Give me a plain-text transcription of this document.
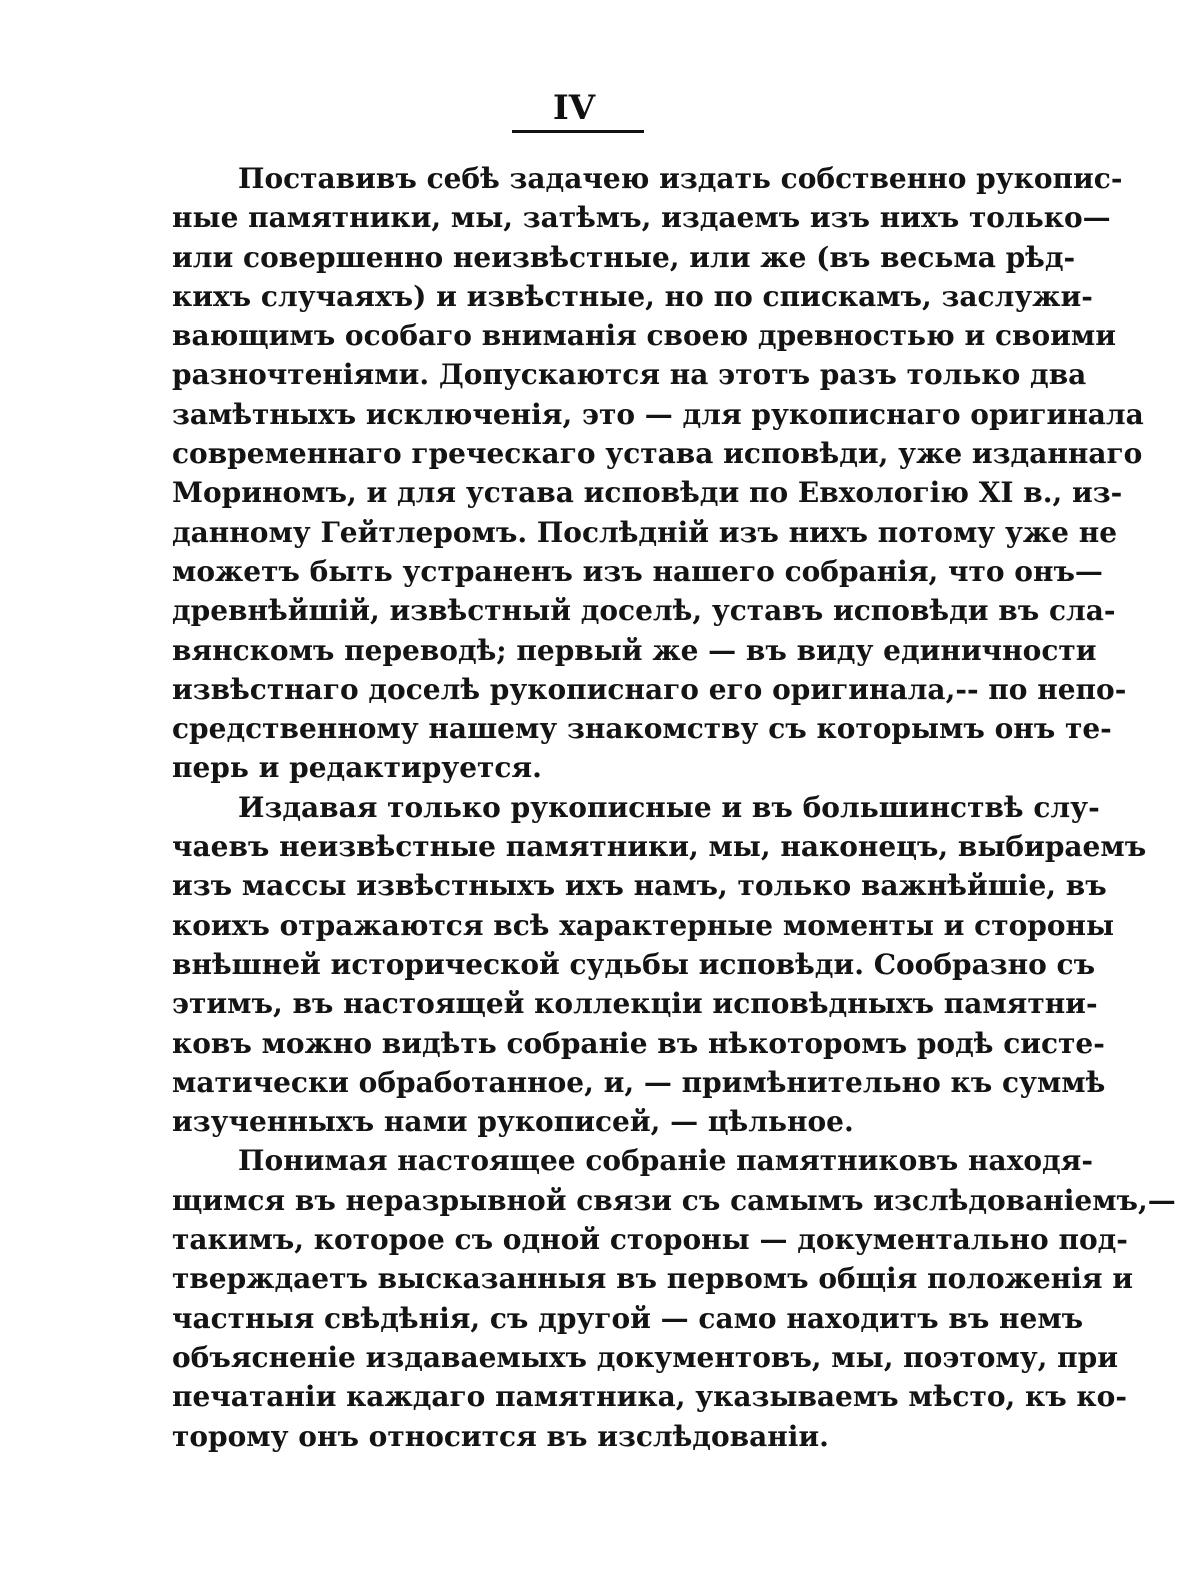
IV
Поставивъ себѣ задачею издать собственно рукопис-
ные памятники, мы, затѣмъ, издаемъ изъ нихъ только—
или совершенно неизвѣстные, или же (въ весьма рѣд-
кихъ случаяхъ) и извѣстные, но по спискамъ, заслужи-
вающимъ особаго вниманія своею древностью и своими
разночтеніями. Допускаются на этотъ разъ только два
замѣтныхъ исключенія, это — для рукописнаго оригинала
современнаго греческаго устава исповѣди, уже изданнаго
Мориномъ, и для устава исповѣди по Евхологію XI в., из-
данному Гейтлеромъ. Послѣдній изъ нихъ потому уже не
можетъ быть устраненъ изъ нашего собранія, что онъ—
древнѣйшій, извѣстный доселѣ, уставъ исповѣди въ сла-
вянскомъ переводѣ; первый же — въ виду единичности
извѣстнаго доселѣ рукописнаго его оригинала,-- по непо-
средственному нашему знакомству съ которымъ онъ те-
перь и редактируется.
Издавая только рукописные и въ большинствѣ слу-
чаевъ неизвѣстные памятники, мы, наконецъ, выбираемъ
изъ массы извѣстныхъ ихъ намъ, только важнѣйшіе, въ
коихъ отражаются всѣ характерные моменты и стороны
внѣшней исторической судьбы исповѣди. Сообразно съ
этимъ, въ настоящей коллекціи исповѣдныхъ памятни-
ковъ можно видѣть собраніе въ нѣкоторомъ родѣ систе-
матически обработанное, и, — примѣнительно къ суммѣ
изученныхъ нами рукописей, — цѣльное.
Понимая настоящее собраніе памятниковъ находя-
щимся въ неразрывной связи съ самымъ изслѣдованіемъ,—
такимъ, которое съ одной стороны — документально под-
тверждаетъ высказанныя въ первомъ общія положенія и
частныя свѣдѣнія, съ другой — само находитъ въ немъ
объясненіе издаваемыхъ документовъ, мы, поэтому, при
печатаніи каждаго памятника, указываемъ мѣсто, къ ко-
торому онъ относится въ изслѣдованіи.
